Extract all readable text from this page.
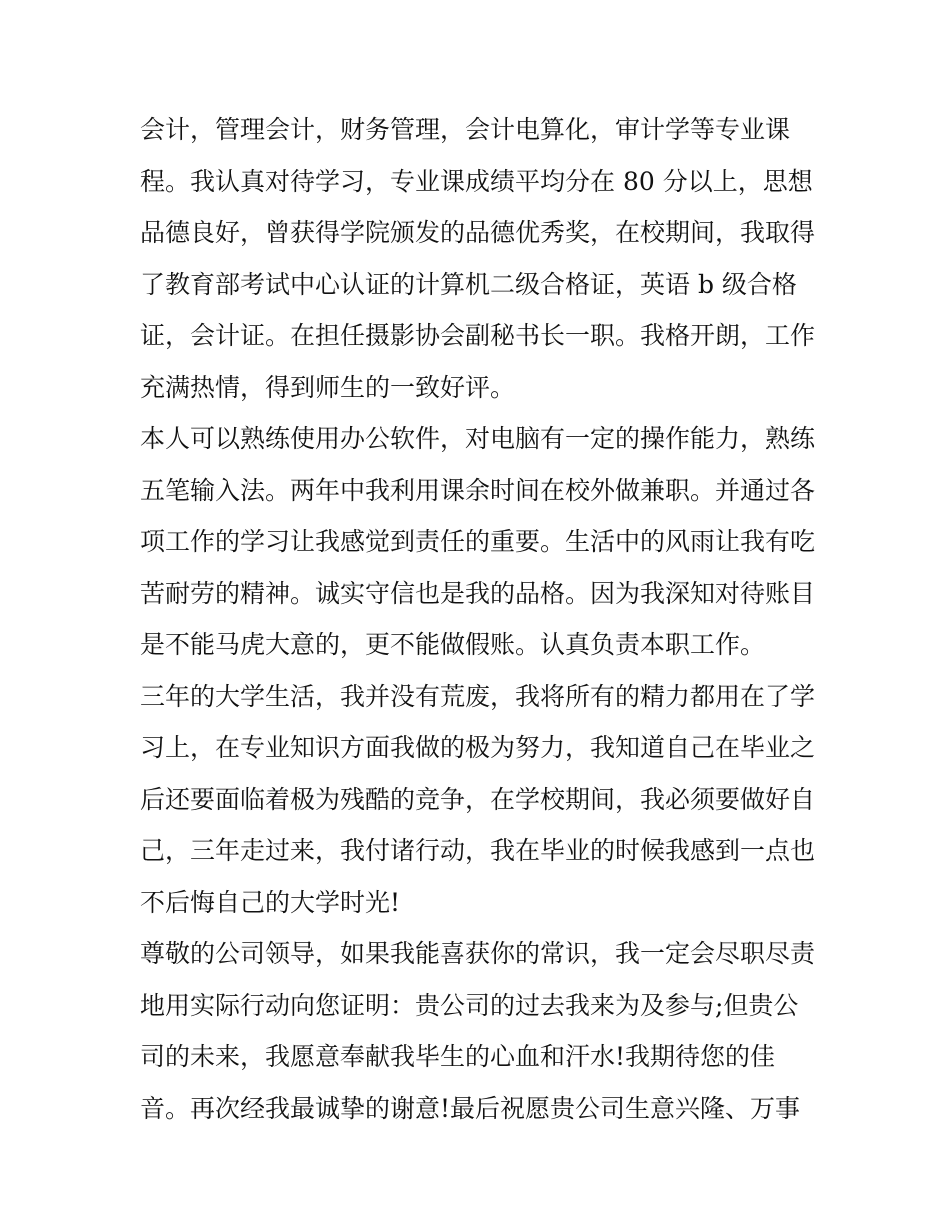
会计，管理会计，财务管理，会计电算化，审计学等专业课
程。我认真对待学习，专业课成绩平均分在 80 分以上，思想
品德良好，曾获得学院颁发的品德优秀奖，在校期间，我取得
了教育部考试中心认证的计算机二级合格证，英语 b 级合格
证，会计证。在担任摄影协会副秘书长一职。我格开朗，工作
充满热情，得到师生的一致好评。
本人可以熟练使用办公软件，对电脑有一定的操作能力，熟练
五笔输入法。两年中我利用课余时间在校外做兼职。并通过各
项工作的学习让我感觉到责任的重要。生活中的风雨让我有吃
苦耐劳的精神。诚实守信也是我的品格。因为我深知对待账目
是不能马虎大意的，更不能做假账。认真负责本职工作。
三年的大学生活，我并没有荒废，我将所有的精力都用在了学
习上，在专业知识方面我做的极为努力，我知道自己在毕业之
后还要面临着极为残酷的竞争，在学校期间，我必须要做好自
己，三年走过来，我付诸行动，我在毕业的时候我感到一点也
不后悔自己的大学时光!
尊敬的公司领导，如果我能喜获你的常识，我一定会尽职尽责
地用实际行动向您证明：贵公司的过去我来为及参与;但贵公
司的未来，我愿意奉献我毕生的心血和汗水!我期待您的佳
音。再次经我最诚挚的谢意!最后祝愿贵公司生意兴隆、万事
